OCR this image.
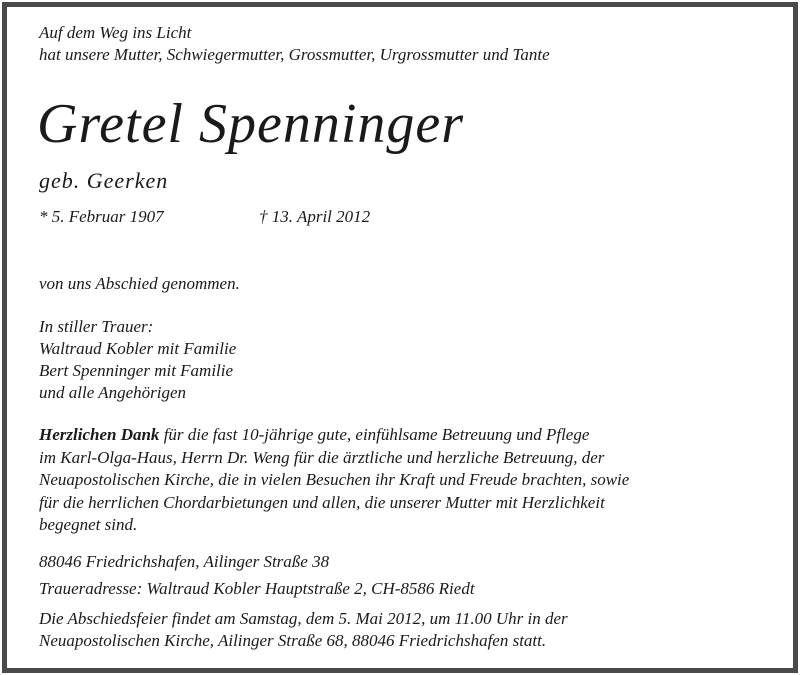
Auf dem Weg ins Licht
hat unsere Mutter, Schwiegermutter, Grossmutter, Urgrossmutter und Tante
Gretel Spenninger
geb. Geerken
* 5. Februar 1907	† 13. April 2012
von uns Abschied genommen.
In stiller Trauer:
Waltraud Kobler mit Familie
Bert Spenninger mit Familie
und alle Angehörigen
Herzlichen Dank für die fast 10-jährige gute, einfühlsame Betreuung und Pflege
im Karl-Olga-Haus, Herrn Dr. Weng für die ärztliche und herzliche Betreuung, der
Neuapostolischen Kirche, die in vielen Besuchen ihr Kraft und Freude brachten, sowie
für die herrlichen Chordarbietungen und allen, die unserer Mutter mit Herzlichkeit
begegnet sind.
88046 Friedrichshafen, Ailinger Straße 38
Traueradresse: Waltraud Kobler Hauptstraße 2, CH-8586 Riedt
Die Abschiedsfeier findet am Samstag, dem 5. Mai 2012, um 11.00 Uhr in der
Neuapostolischen Kirche, Ailinger Straße 68, 88046 Friedrichshafen statt.
